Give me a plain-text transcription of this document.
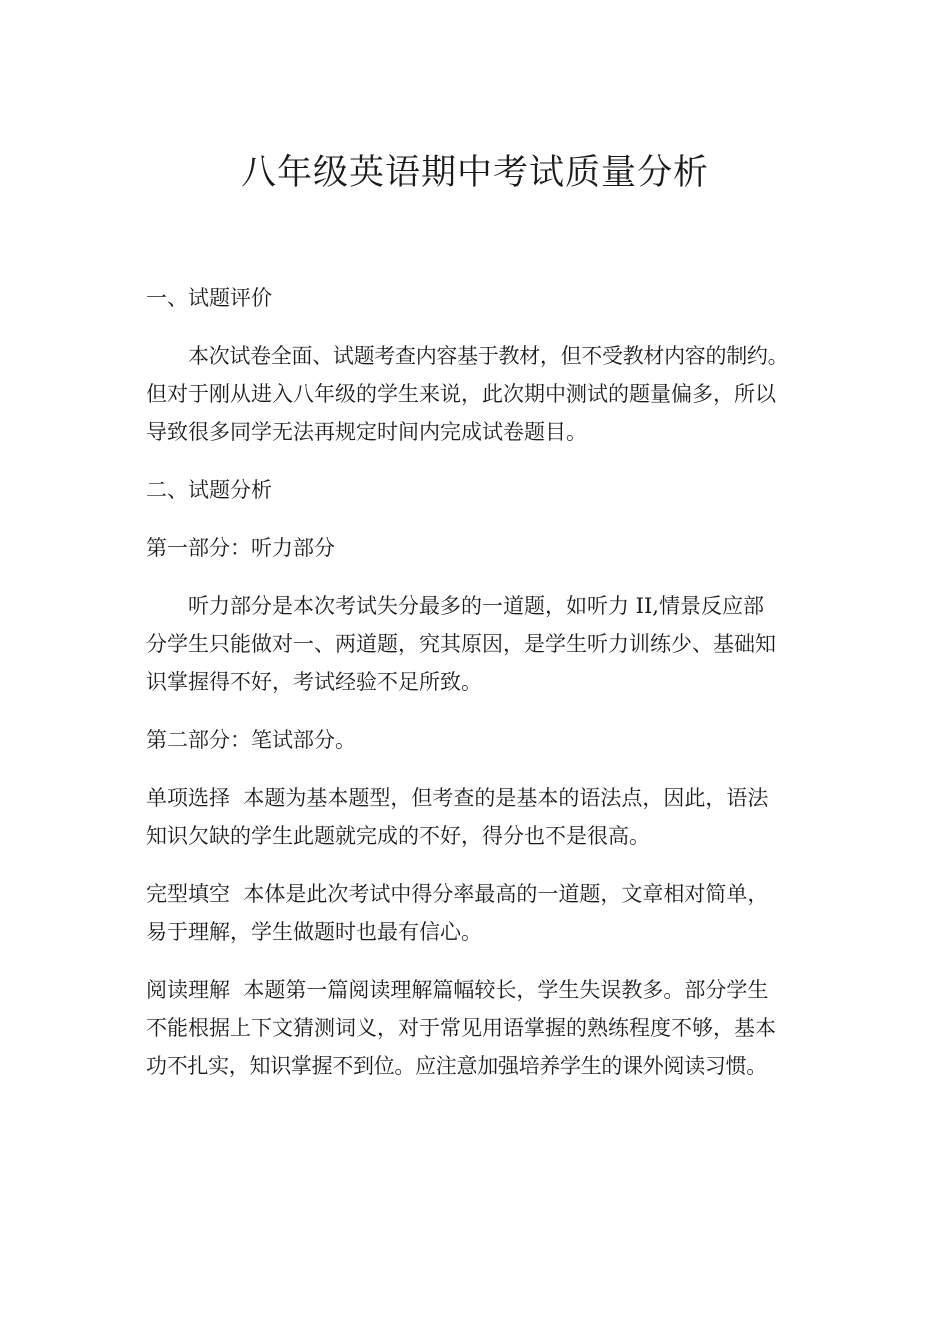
八年级英语期中考试质量分析

一、试题评价

本次试卷全面、试题考查内容基于教材，但不受教材内容的制约。

但对于刚从进入八年级的学生来说，此次期中测试的题量偏多，所以

导致很多同学无法再规定时间内完成试卷题目。

二、试题分析

第一部分：听力部分

听力部分是本次考试失分最多的一道题，如听力 II,情景反应部

分学生只能做对一、两道题，究其原因，是学生听力训练少、基础知

识掌握得不好，考试经验不足所致。

第二部分：笔试部分。

单项选择  本题为基本题型，但考查的是基本的语法点，因此，语法

知识欠缺的学生此题就完成的不好，得分也不是很高。

完型填空  本体是此次考试中得分率最高的一道题，文章相对简单，

易于理解，学生做题时也最有信心。

阅读理解  本题第一篇阅读理解篇幅较长，学生失误教多。部分学生

不能根据上下文猜测词义，对于常见用语掌握的熟练程度不够，基本

功不扎实，知识掌握不到位。应注意加强培养学生的课外阅读习惯。
